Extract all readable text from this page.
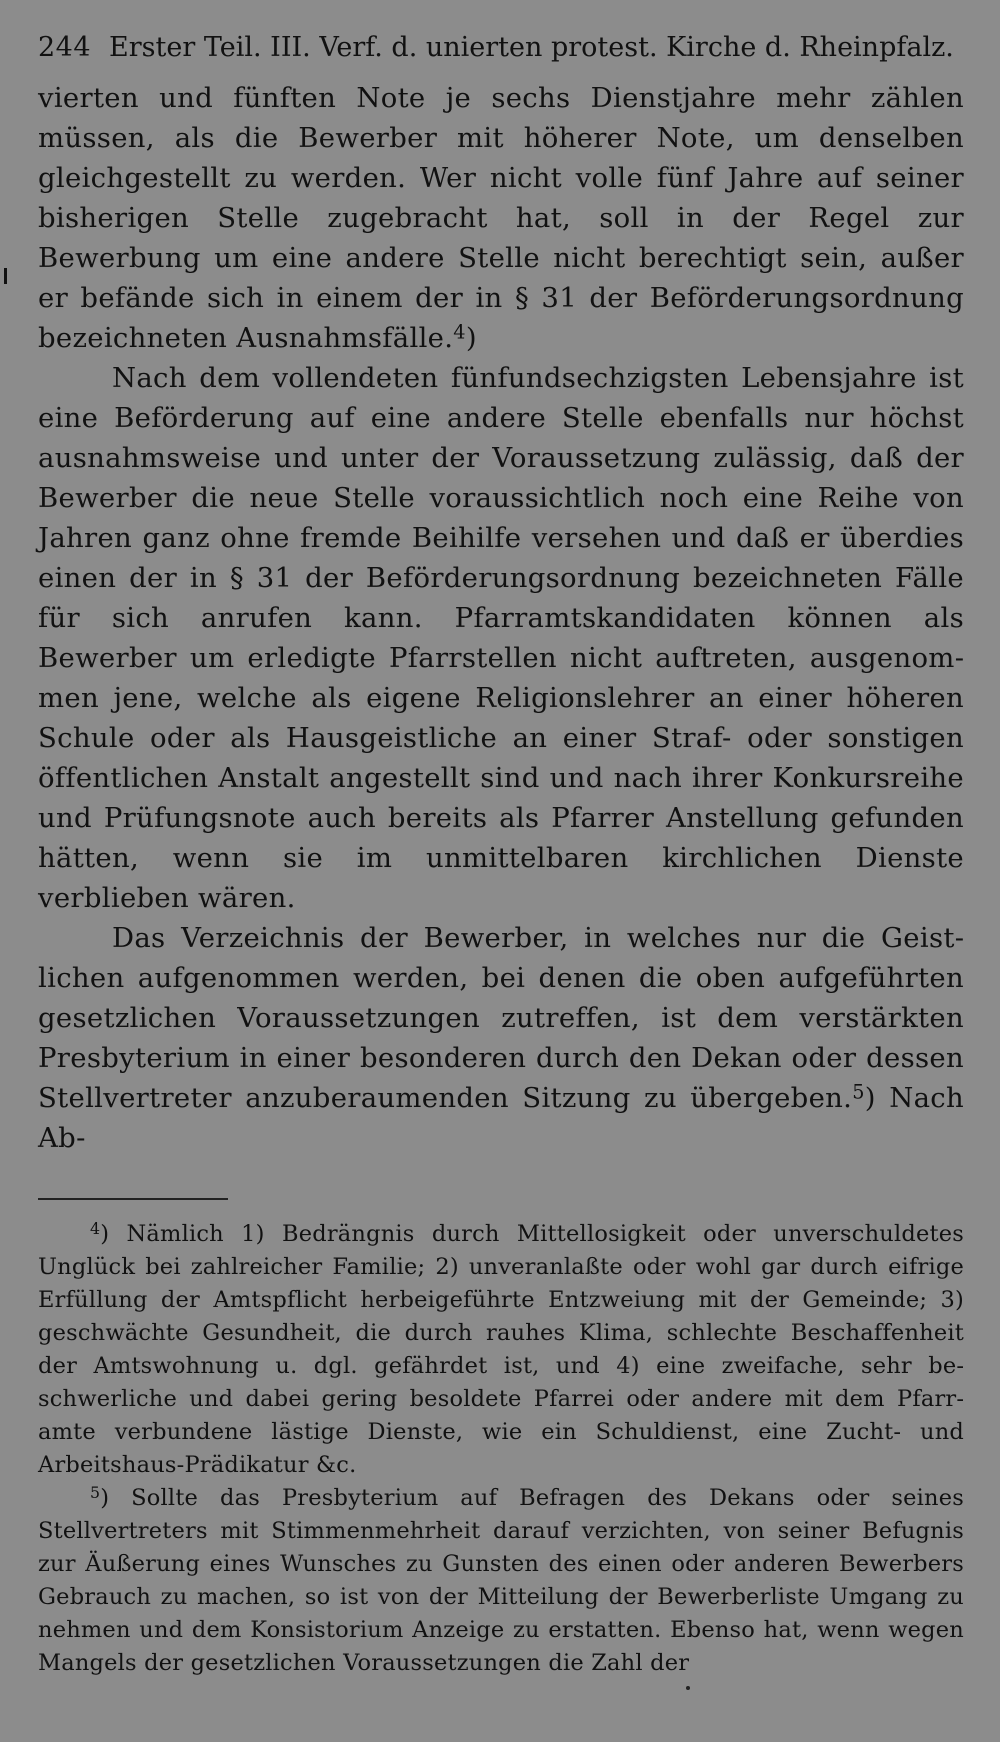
244 Erster Teil. III. Verf. d. unierten protest. Kirche d. Rheinpfalz.

vierten und fünften Note je sechs Dienstjahre mehr zählen müssen, als die Bewerber mit höherer Note, um denselben gleichgestellt zu werden. Wer nicht volle fünf Jahre auf seiner bisherigen Stelle zugebracht hat, soll in der Regel zur Bewerbung um eine andere Stelle nicht berechtigt sein, außer er befände sich in einem der in § 31 der Beförderungsordnung bezeichneten Ausnahmsfälle.$^4$)

Nach dem vollendeten fünfundsechzigsten Lebensjahre ist eine Beförderung auf eine andere Stelle ebenfalls nur höchst ausnahmsweise und unter der Voraussetzung zulässig, daß der Bewerber die neue Stelle voraussichtlich noch eine Reihe von Jahren ganz ohne fremde Beihilfe versehen und daß er überdies einen der in § 31 der Beförderungsordnung bezeichneten Fälle für sich anrufen kann. Pfarramtskandidaten können als Bewerber um erledigte Pfarrstellen nicht auftreten, ausgenommen jene, welche als eigene Religionslehrer an einer höheren Schule oder als Hausgeistliche an einer Straf- oder sonstigen öffentlichen Anstalt angestellt sind und nach ihrer Konkursreihe und Prüfungsnote auch bereits als Pfarrer Anstellung gefunden hätten, wenn sie im unmittelbaren kirchlichen Dienste verblieben wären.

Das Verzeichnis der Bewerber, in welches nur die Geistlichen aufgenommen werden, bei denen die oben aufgeführten gesetzlichen Voraussetzungen zutreffen, ist dem verstärkten Presbyterium in einer besonderen durch den Dekan oder dessen Stellvertreter anzuberaumenden Sitzung zu übergeben.$^5$) Nach Ab-

$^4$) Nämlich 1) Bedrängnis durch Mittellosigkeit oder unverschuldetes Unglück bei zahlreicher Familie; 2) unveranlaßte oder wohl gar durch eifrige Erfüllung der Amtspflicht herbeigeführte Entzweiung mit der Gemeinde; 3) geschwächte Gesundheit, die durch rauhes Klima, schlechte Beschaffenheit der Amtswohnung u. dgl. gefährdet ist, und 4) eine zweifache, sehr beschwerliche und dabei gering besoldete Pfarrei oder andere mit dem Pfarramte verbundene lästige Dienste, wie ein Schuldienst, eine Zucht- und Arbeitshaus-Prädikatur &c.

$^5$) Sollte das Presbyterium auf Befragen des Dekans oder seines Stellvertreters mit Stimmenmehrheit darauf verzichten, von seiner Befugnis zur Äußerung eines Wunsches zu Gunsten des einen oder anderen Bewerbers Gebrauch zu machen, so ist von der Mitteilung der Bewerberliste Umgang zu nehmen und dem Konsistorium Anzeige zu erstatten. Ebenso hat, wenn wegen Mangels der gesetzlichen Voraussetzungen die Zahl der
